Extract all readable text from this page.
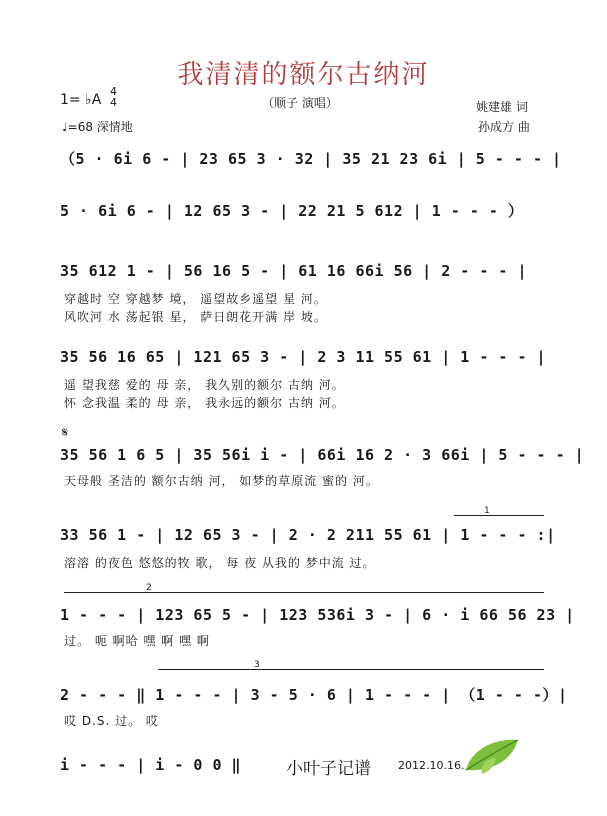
我清清的额尔古纳河
1= ♭A
4
4
♩=68 深情地
（顺子 演唱）	姚建雄 词
孙成方 曲
（5 · 6i 6 - | 23 65 3 · 32 | 35 21 23 6i | 5 - - - |
5 · 6i 6 - | 12 65 3 - | 22 21 5 612 | 1 - - - ）
35 612 1 - | 56 16 5 - | 61 16 66i 56 | 2 - - - |
穿越时 空 穿越梦 境， 遥望故乡遥望 星 河。
风吹河 水 荡起银 星， 萨日朗花开满 岸 坡。
35 56 16 65 | 121 65 3 - | 2 3 11 55 61 | 1 - - - |
遥 望我慈 爱的 母 亲， 我久别的额尔 古纳 河。
怀 念我温 柔的 母 亲， 我永远的额尔 古纳 河。
𝄋
35 56 1 6 5 | 35 56i i - | 66i 16 2 · 3 66i | 5 - - - |
天母般 圣洁的 额尔古纳 河， 如梦的草原流 蜜的 河。
1
33 56 1 - | 12 65 3 - | 2 · 2 211 55 61 | 1 - - - :|
溶溶 的夜色 悠悠的牧 歌， 每 夜 从我的 梦中流 过。
2
1 - - - | 123 65 5 - | 123 536i 3 - | 6 · i 66 56 23 |
过。 呃 啊哈 嘿 啊 嘿 啊
3
2 - - - ‖ 1 - - - | 3 - 5 · 6 | 1 - - - | （1 - - -）|
哎 D.S. 过。 哎
i - - - | i - 0 0 ‖	小叶子记谱 2012.10.16.
